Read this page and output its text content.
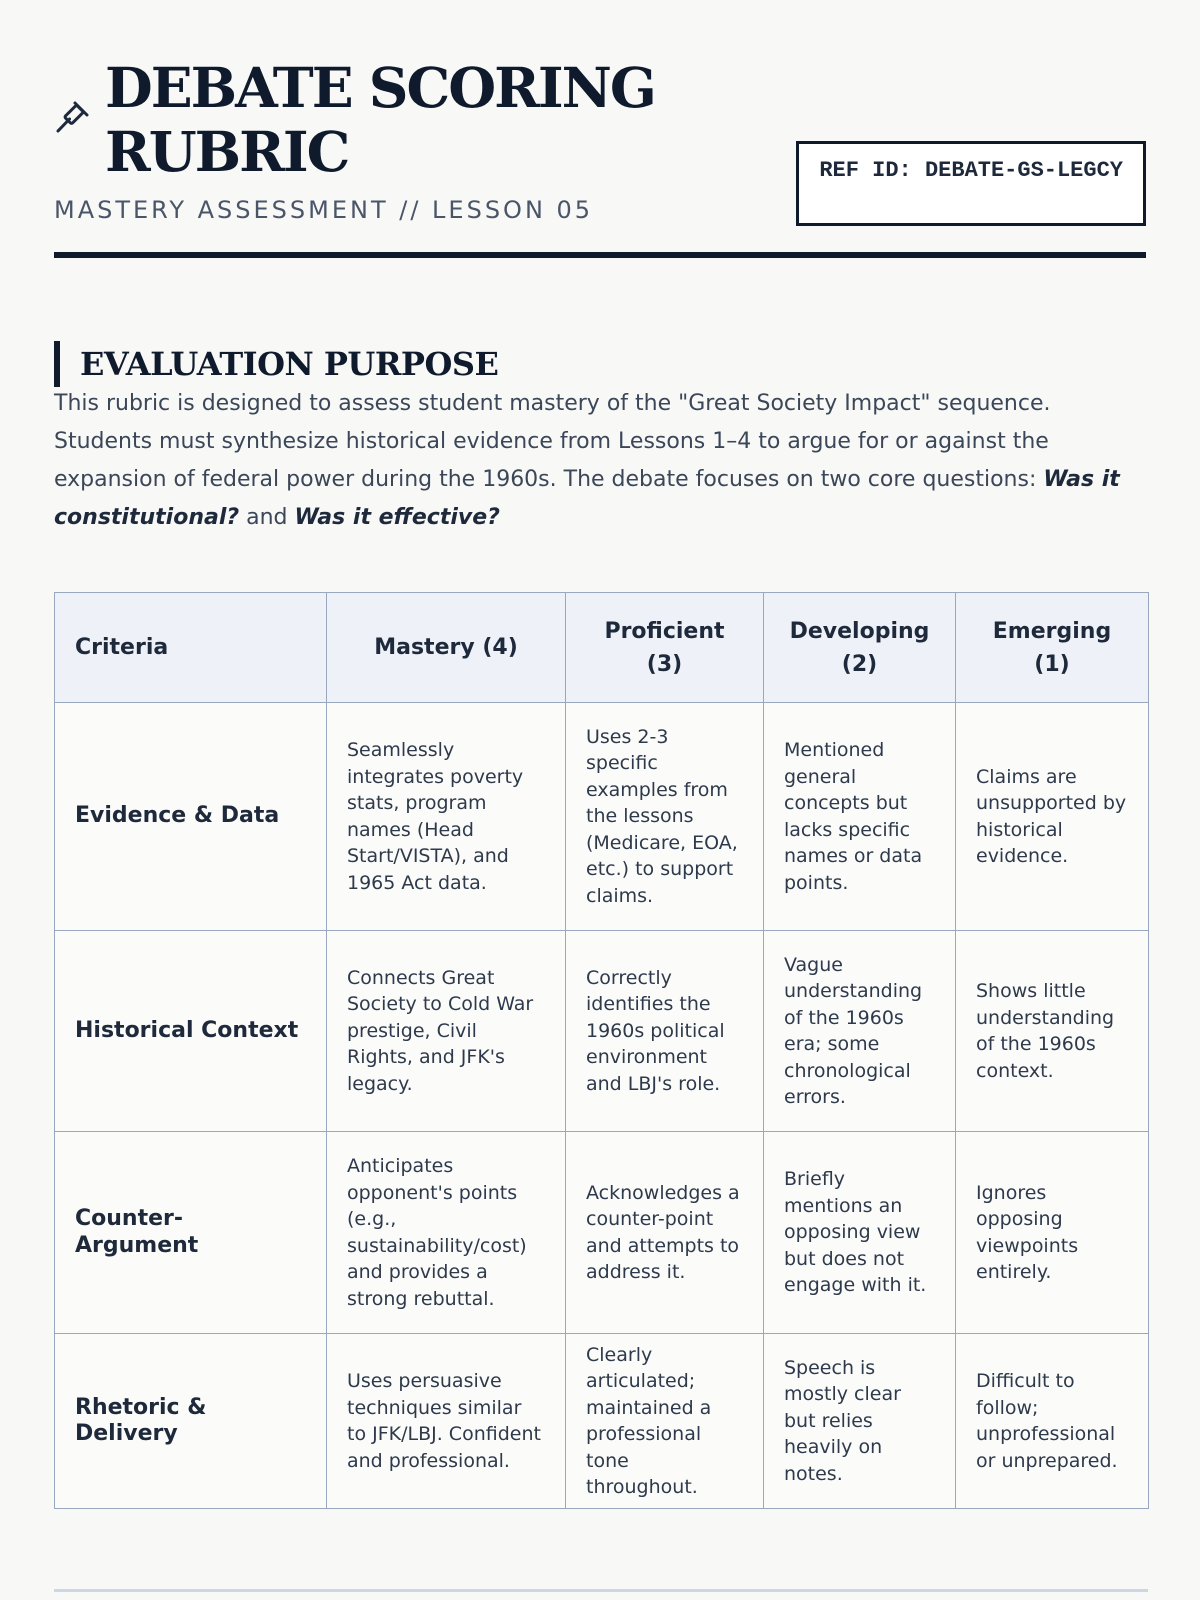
DEBATE SCORING RUBRIC
MASTERY ASSESSMENT // LESSON 05
REF ID: DEBATE-GS-LEGCY
EVALUATION PURPOSE

This rubric is designed to assess student mastery of the "Great Society Impact" sequence. Students must synthesize historical evidence from Lessons 1–4 to argue for or against the expansion of federal power during the 1960s. The debate focuses on two core questions: Was it constitutional? and Was it effective?

Criteria	Mastery (4)	Proficient (3)	Developing (2)	Emerging (1)
Evidence & Data	Seamlessly integrates poverty stats, program names (Head Start/VISTA), and 1965 Act data.	Uses 2-3 specific examples from the lessons (Medicare, EOA, etc.) to support claims.	Mentioned general concepts but lacks specific names or data points.	Claims are unsupported by historical evidence.
Historical Context	Connects Great Society to Cold War prestige, Civil Rights, and JFK's legacy.	Correctly identifies the 1960s political environment and LBJ's role.	Vague understanding of the 1960s era; some chronological errors.	Shows little understanding of the 1960s context.
Counter-Argument	Anticipates opponent's points (e.g., sustainability/cost) and provides a strong rebuttal.	Acknowledges a counter-point and attempts to address it.	Briefly mentions an opposing view but does not engage with it.	Ignores opposing viewpoints entirely.
Rhetoric & Delivery	Uses persuasive techniques similar to JFK/LBJ. Confident and professional.	Clearly articulated; maintained a professional tone throughout.	Speech is mostly clear but relies heavily on notes.	Difficult to follow; unprofessional or unprepared.
